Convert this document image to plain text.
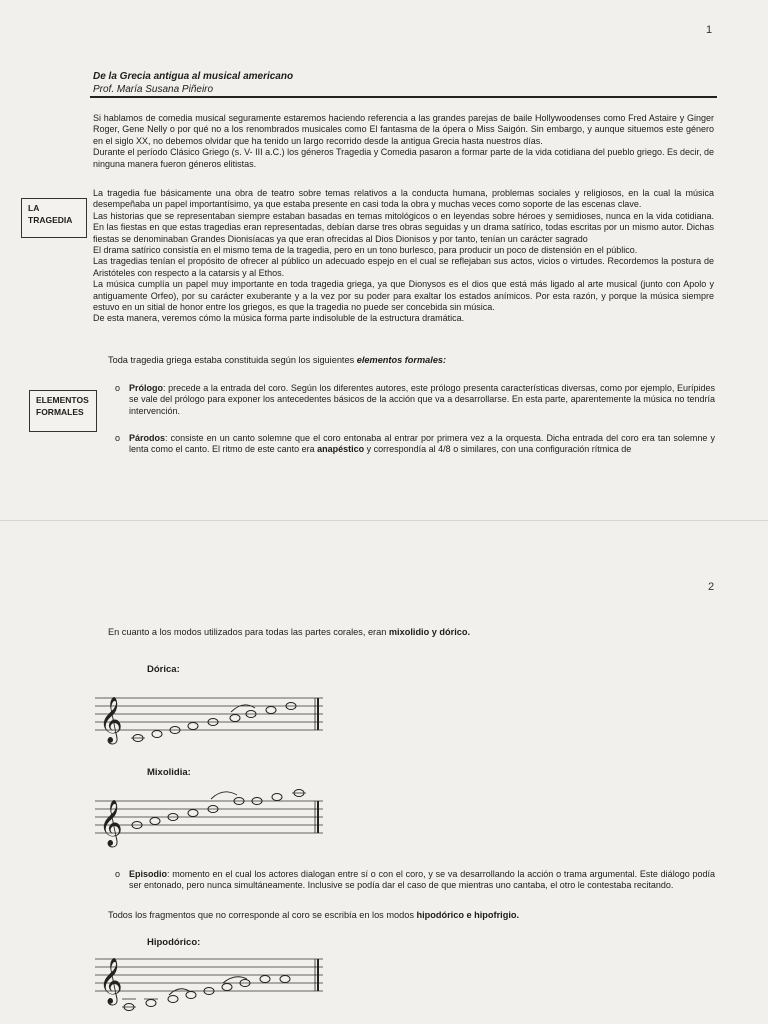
1
De la Grecia antigua al musical americano
Prof. María Susana Piñeiro

Si hablamos de comedia musical seguramente estaremos haciendo referencia a las grandes parejas de baile Hollywoodenses como Fred Astaire y Ginger Roger, Gene Nelly o por qué no a los renombrados musicales como El fantasma de la ópera o Miss Saigón. Sin embargo, y aunque situemos este género en el siglo XX, no debemos olvidar que ha tenido un largo recorrido desde la antigua Grecia hasta nuestros días.

Durante el período Clásico Griego (s. V- III a.C.) los géneros Tragedia y Comedia pasaron a formar parte de la vida cotidiana del pueblo griego. Es decir, de ninguna manera fueron géneros elitistas.

LA
TRAGEDIA

La tragedia fue básicamente una obra de teatro sobre temas relativos a la conducta humana, problemas sociales y religiosos, en la cual la música desempeñaba un papel importantísimo, ya que estaba presente en casi toda la obra y muchas veces como soporte de las escenas clave.

Las historias que se representaban siempre estaban basadas en temas mitológicos o en leyendas sobre héroes y semidioses, nunca en la vida cotidiana. En las fiestas en que estas tragedias eran representadas, debían darse tres obras seguidas y un drama satírico, todas escritas por un mismo autor. Dichas fiestas se denominaban Grandes Dionisíacas ya que eran ofrecidas al Dios Dionisos y por tanto, tenían un carácter sagrado

El drama satírico consistía en el mismo tema de la tragedia, pero en un tono burlesco, para producir un poco de distensión en el público.

Las tragedias tenían el propósito de ofrecer al público un adecuado espejo en el cual se reflejaban sus actos, vicios o virtudes. Recordemos la postura de Aristóteles con respecto a la catarsis y al Ethos.

La música cumplía un papel muy importante en toda tragedia griega, ya que Dionysos es el dios que está más ligado al arte musical (junto con Apolo y antiguamente Orfeo), por su carácter exuberante y a la vez por su poder para exaltar los estados anímicos. Por esta razón, y porque la música siempre estuvo en un sitial de honor entre los griegos, es que la tragedia no puede ser concebida sin música.

De esta manera, veremos cómo la música forma parte indisoluble de la estructura dramática.

Toda tragedia griega estaba constituida según los siguientes elementos formales:
ELEMENTOS
FORMALES
o Prólogo: precede a la entrada del coro. Según los diferentes autores, este prólogo presenta características diversas, como por ejemplo, Eurípides se vale del prólogo para exponer los antecedentes básicos de la acción que va a desarrollarse. En esta parte, aparentemente la música no tendría intervención.
o Párodos: consiste en un canto solemne que el coro entonaba al entrar por primera vez a la orquesta. Dicha entrada del coro era tan solemne y lenta como el canto. El ritmo de este canto era anapéstico y correspondía al 4/8 o similares, con una configuración rítmica de
2
En cuanto a los modos utilizados para todas las partes corales, eran mixolidio y dórico.
Dórica:
𝄞
Mixolidia:
𝄞
o Episodio: momento en el cual los actores dialogan entre sí o con el coro, y se va desarrollando la acción o trama argumental. Este diálogo podía ser entonado, pero nunca simultáneamente. Inclusive se podía dar el caso de que mientras uno cantaba, el otro le contestaba recitando.
Todos los fragmentos que no corresponde al coro se escribía en los modos hipodórico e hipofrigio.
Hipodórico:
𝄞
